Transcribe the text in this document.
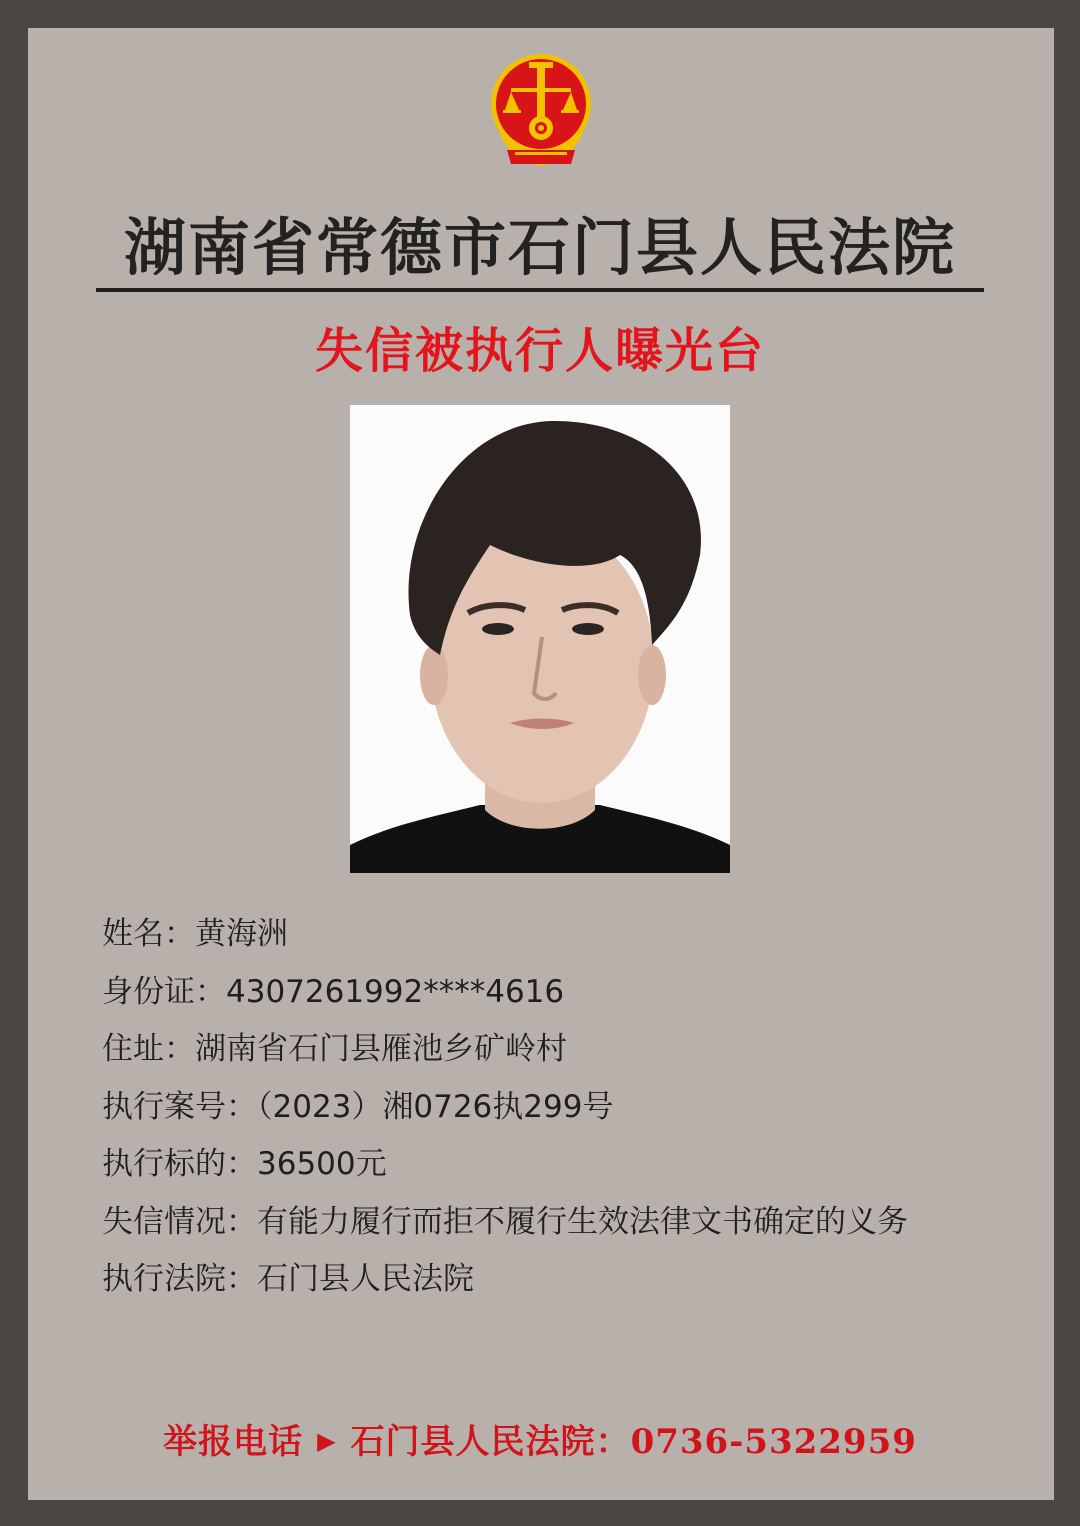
湖南省常德市石门县人民法院
失信被执行人曝光台
姓名：黄海洲
身份证：4307261992****4616
住址：湖南省石门县雁池乡矿岭村
执行案号：（2023）湘0726执299号
执行标的：36500元
失信情况：有能力履行而拒不履行生效法律文书确定的义务
执行法院：石门县人民法院
举报电话 ▶ 石门县人民法院：0736-5322959
